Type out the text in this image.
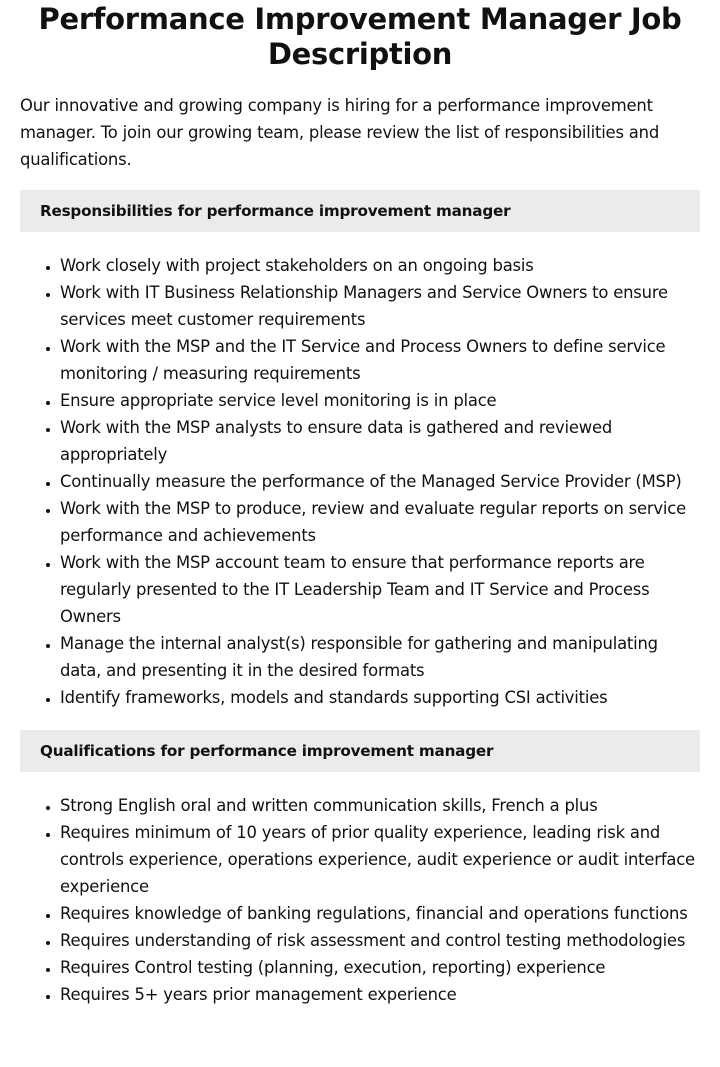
Performance Improvement Manager Job Description

Our innovative and growing company is hiring for a performance improvement manager. To join our growing team, please review the list of responsibilities and qualifications.

Responsibilities for performance improvement manager
• Work closely with project stakeholders on an ongoing basis
• Work with IT Business Relationship Managers and Service Owners to ensure services meet customer requirements
• Work with the MSP and the IT Service and Process Owners to define service monitoring / measuring requirements
• Ensure appropriate service level monitoring is in place
• Work with the MSP analysts to ensure data is gathered and reviewed appropriately
• Continually measure the performance of the Managed Service Provider (MSP)
• Work with the MSP to produce, review and evaluate regular reports on service performance and achievements
• Work with the MSP account team to ensure that performance reports are regularly presented to the IT Leadership Team and IT Service and Process Owners
• Manage the internal analyst(s) responsible for gathering and manipulating data, and presenting it in the desired formats
• Identify frameworks, models and standards supporting CSI activities
Qualifications for performance improvement manager
• Strong English oral and written communication skills, French a plus
• Requires minimum of 10 years of prior quality experience, leading risk and controls experience, operations experience, audit experience or audit interface experience
• Requires knowledge of banking regulations, financial and operations functions
• Requires understanding of risk assessment and control testing methodologies
• Requires Control testing (planning, execution, reporting) experience
• Requires 5+ years prior management experience
